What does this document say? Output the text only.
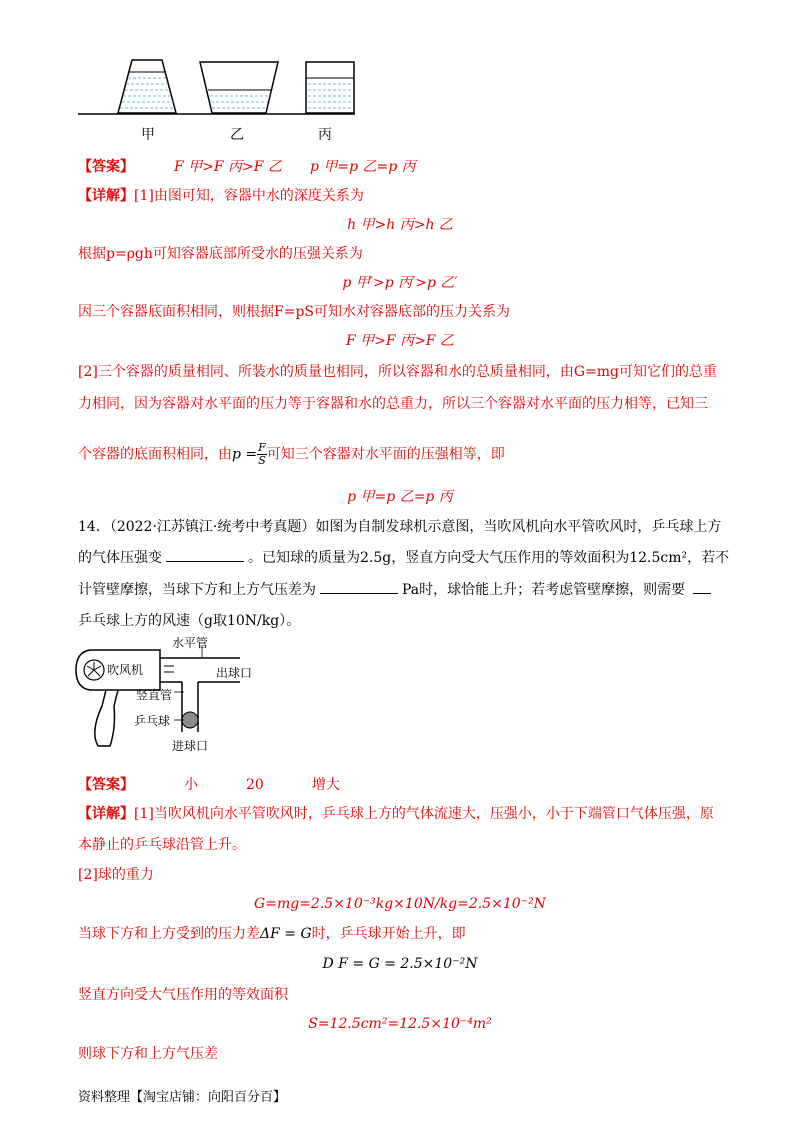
甲	乙	丙
【答案】	F 甲>F 丙>F 乙　　p 甲=p 乙=p 丙
【详解】[1]由图可知，容器中水的深度关系为
h 甲>h 丙>h 乙
根据p=ρgh可知容器底部所受水的压强关系为
p 甲′>p 丙′>p 乙′
因三个容器底面积相同，则根据F=pS可知水对容器底部的压力关系为
F 甲>F 丙>F 乙
[2]三个容器的质量相同、所装水的质量也相同，所以容器和水的总质量相同，由G=mg可知它们的总重
力相同，因为容器对水平面的压力等于容器和水的总重力，所以三个容器对水平面的压力相等，已知三
个容器的底面积相同，由$p = \frac{F}{S}$ 可知三个容器对水平面的压强相等，即
p 甲=p 乙=p 丙
14．（2022·江苏镇江·统考中考真题）如图为自制发球机示意图，当吹风机向水平管吹风时，乒乓球上方
的气体压强变	。已知球的质量为2.5g，竖直方向受大气压作用的等效面积为12.5cm²，若不
计管壁摩擦，当球下方和上方气压差为	Pa时，球恰能上升；若考虑管壁摩擦，则需要
乒乓球上方的风速（g取10N/kg）。
水平管
吹风机	出球口
竖直管
乒乓球
进球口
【答案】	小	20	增大
【详解】[1]当吹风机向水平管吹风时，乒乓球上方的气体流速大，压强小，小于下端管口气体压强，原
本静止的乒乓球沿管上升。
[2]球的重力
G=mg=2.5×10⁻³kg×10N/kg=2.5×10⁻²N
当球下方和上方受到的压力差ΔF = G时，乒乓球开始上升，即
D F = G = 2.5×10⁻²N
竖直方向受大气压作用的等效面积
S=12.5cm²=12.5×10⁻⁴m²
则球下方和上方气压差
资料整理【淘宝店铺：向阳百分百】
